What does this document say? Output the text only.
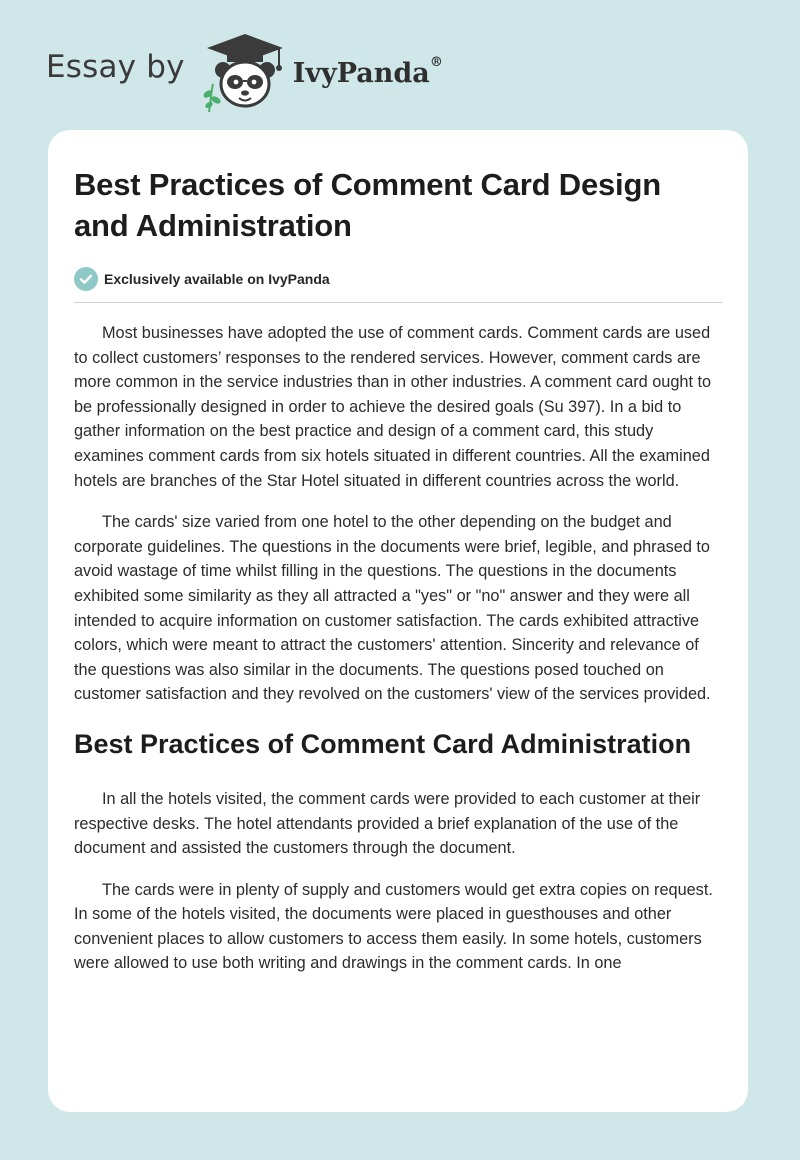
Essay by	IvyPanda®
Best Practices of Comment Card Design and Administration
Exclusively available on IvyPanda

Most businesses have adopted the use of comment cards. Comment cards are used to collect customers’ responses to the rendered services. However, comment cards are more common in the service industries than in other industries. A comment card ought to be professionally designed in order to achieve the desired goals (Su 397). In a bid to gather information on the best practice and design of a comment card, this study examines comment cards from six hotels situated in different countries. All the examined hotels are branches of the Star Hotel situated in different countries across the world.

The cards' size varied from one hotel to the other depending on the budget and corporate guidelines. The questions in the documents were brief, legible, and phrased to avoid wastage of time whilst filling in the questions. The questions in the documents exhibited some similarity as they all attracted a "yes" or "no" answer and they were all intended to acquire information on customer satisfaction. The cards exhibited attractive colors, which were meant to attract the customers' attention. Sincerity and relevance of the questions was also similar in the documents. The questions posed touched on customer satisfaction and they revolved on the customers' view of the services provided.

Best Practices of Comment Card Administration

In all the hotels visited, the comment cards were provided to each customer at their respective desks. The hotel attendants provided a brief explanation of the use of the document and assisted the customers through the document.

The cards were in plenty of supply and customers would get extra copies on request. In some of the hotels visited, the documents were placed in guesthouses and other convenient places to allow customers to access them easily. In some hotels, customers were allowed to use both writing and drawings in the comment cards. In one
